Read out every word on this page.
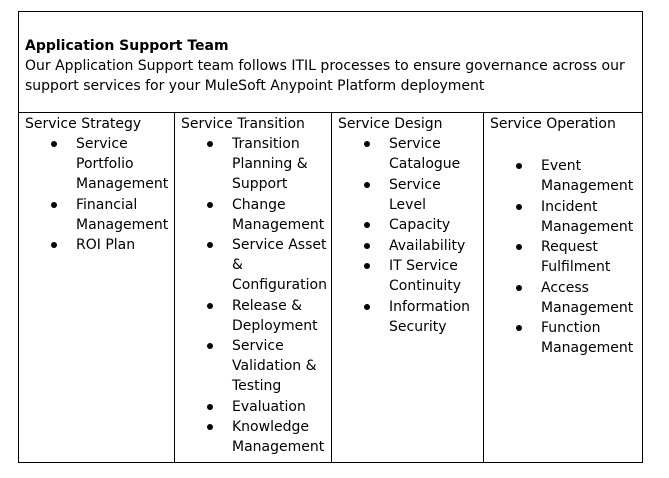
Application Support Team
Our Application Support team follows ITIL processes to ensure governance across our support services for your MuleSoft Anypoint Platform deployment
Service Strategy
Service Portfolio Management
Financial Management
ROI Plan
Service Transition
Transition Planning & Support
Change Management
Service Asset & Configuration
Release & Deployment
Service Validation & Testing
Evaluation
Knowledge Management
Service Design
Service Catalogue
Service Level
Capacity
Availability
IT Service Continuity
Information Security
Service Operation
Event Management
Incident Management
Request Fulfilment
Access Management
Function Management
